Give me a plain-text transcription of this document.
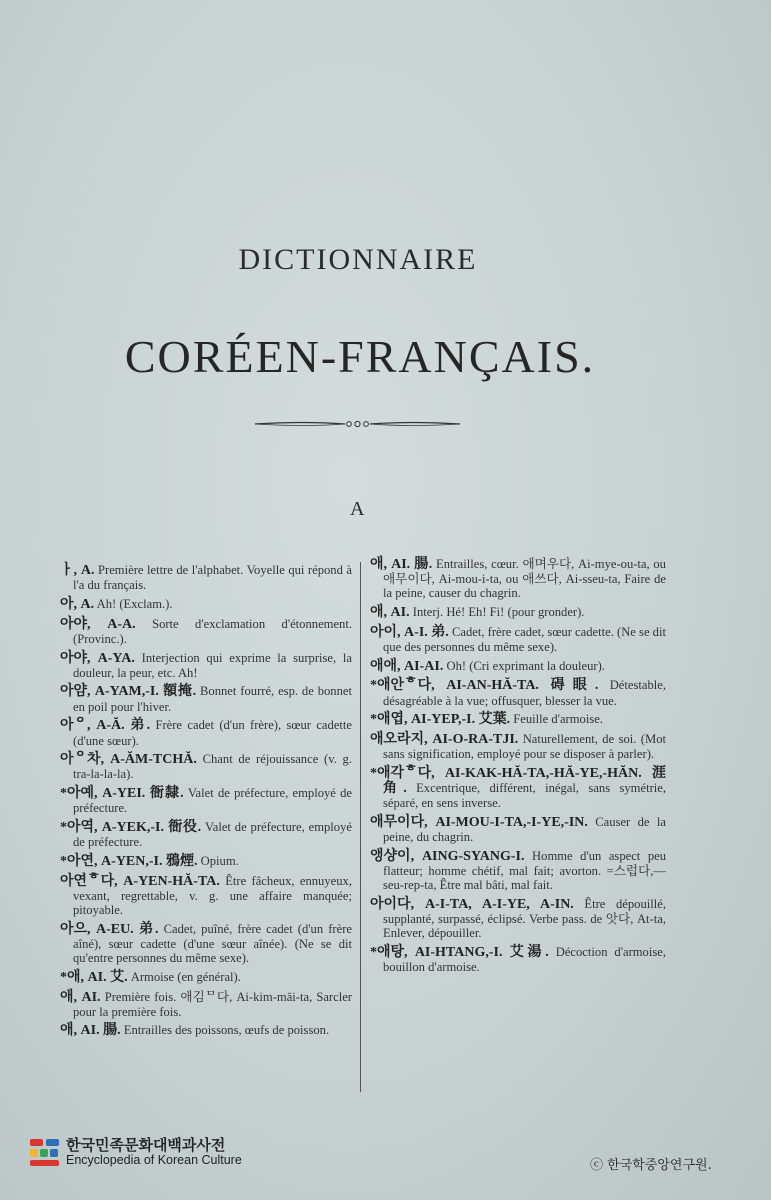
DICTIONNAIRE
CORÉEN-FRANÇAIS.
A
ㅏ, A. Première lettre de l'alphabet. Voyelle qui répond à l'a du français.
아, A. Ah! (Exclam.).
아야, A-A. Sorte d'exclamation d'étonnement. (Provinc.).
아야, A-YA. Interjection qui exprime la surprise, la douleur, la peur, etc. Ah!
아얌, A-YAM,-I. 額掩. Bonnet fourré, esp. de bonnet en poil pour l'hiver.
아ᄋ, A-Ă. 弟. Frère cadet (d'un frère), sœur cadette (d'une sœur).
아ᄋ차, A-ĂM-TCHĂ. Chant de réjouissance (v. g. tra-la-la-la).
*아예, A-YEI. 衙隸. Valet de préfecture, employé de préfecture.
*아역, A-YEK,-I. 衙役. Valet de préfecture, employé de préfecture.
*아연, A-YEN,-I. 鴉煙. Opium.
아연ᄒ다, A-YEN-HĂ-TA. Être fâcheux, ennuyeux, vexant, regrettable, v. g. une affaire manquée; pitoyable.
아으, A-EU. 弟. Cadet, puîné, frère cadet (d'un frère aîné), sœur cadette (d'une sœur aînée). (Ne se dit qu'entre personnes du même sexe).
*애, AI. 艾. Armoise (en général).
애, AI. Première fois. 애김ᄆ다, Ai-kim-măi-ta, Sarcler pour la première fois.
애, AI. 腸. Entrailles des poissons, œufs de poisson.
애, AI. 腸. Entrailles, cœur. 애며우다, Ai-mye-ou-ta, ou 애무이다, Ai-mou-i-ta, ou 애쓰다, Ai-sseu-ta, Faire de la peine, causer du chagrin.
애, AI. Interj. Hé! Eh! Fi! (pour gronder).
아이, A-I. 弟. Cadet, frère cadet, sœur cadette. (Ne se dit que des personnes du même sexe).
애애, AI-AI. Oh! (Cri exprimant la douleur).
*애안ᄒ다, AI-AN-HĂ-TA. 碍眼. Détestable, désagréable à la vue; offusquer, blesser la vue.
*애엽, AI-YEP,-I. 艾葉. Feuille d'armoise.
애오라지, AI-O-RA-TJI. Naturellement, de soi. (Mot sans signification, employé pour se disposer à parler).
*애각ᄒ다, AI-KAK-HĂ-TA,-HĂ-YE,-HĂN. 涯角. Excentrique, différent, inégal, sans symétrie, séparé, en sens inverse.
애무이다, AI-MOU-I-TA,-I-YE,-IN. Causer de la peine, du chagrin.
앵샹이, AING-SYANG-I. Homme d'un aspect peu flatteur; homme chétif, mal fait; avorton. =스럽다,—seu-rep-ta, Être mal bâti, mal fait.
아이다, A-I-TA, A-I-YE, A-IN. Être dépouillé, supplanté, surpassé, éclipsé. Verbe pass. de 앗다, At-ta, Enlever, dépouiller.
*애탕, AI-HTANG,-I. 艾湯. Décoction d'armoise, bouillon d'armoise.
한국민족문화대백과사전
Encyclopedia of Korean Culture	ⓒ 한국학중앙연구원.
